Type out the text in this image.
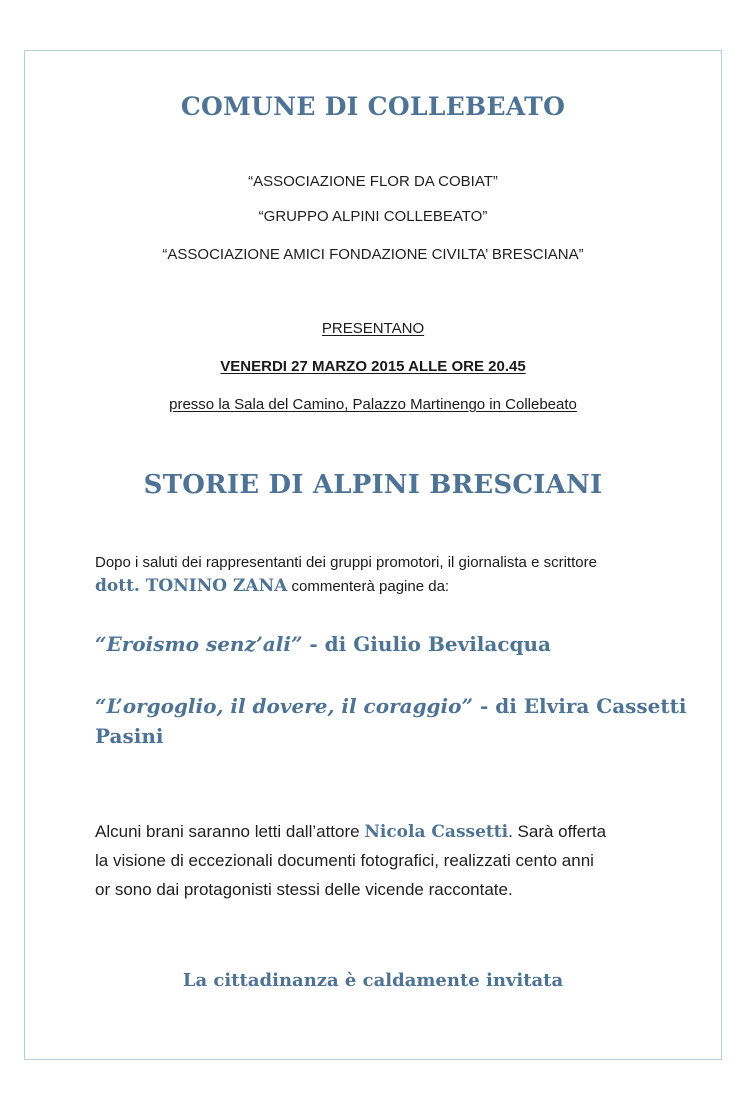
COMUNE DI COLLEBEATO
“ASSOCIAZIONE FLOR DA COBIAT”
“GRUPPO ALPINI COLLEBEATO”
“ASSOCIAZIONE AMICI FONDAZIONE CIVILTA’ BRESCIANA”
PRESENTANO
VENERDI 27 MARZO 2015 ALLE ORE 20.45
presso la Sala del Camino, Palazzo Martinengo in Collebeato
STORIE DI ALPINI BRESCIANI
Dopo i saluti dei rappresentanti dei gruppi promotori, il giornalista e scrittore
dott. TONINO ZANA commenterà pagine da:
“Eroismo senz’ali” - di Giulio Bevilacqua
“L’orgoglio, il dovere, il coraggio” - di Elvira Cassetti
Pasini
Alcuni brani saranno letti dall’attore Nicola Cassetti. Sarà offerta
la visione di eccezionali documenti fotografici, realizzati cento anni
or sono dai protagonisti stessi delle vicende raccontate.
La cittadinanza è caldamente invitata
